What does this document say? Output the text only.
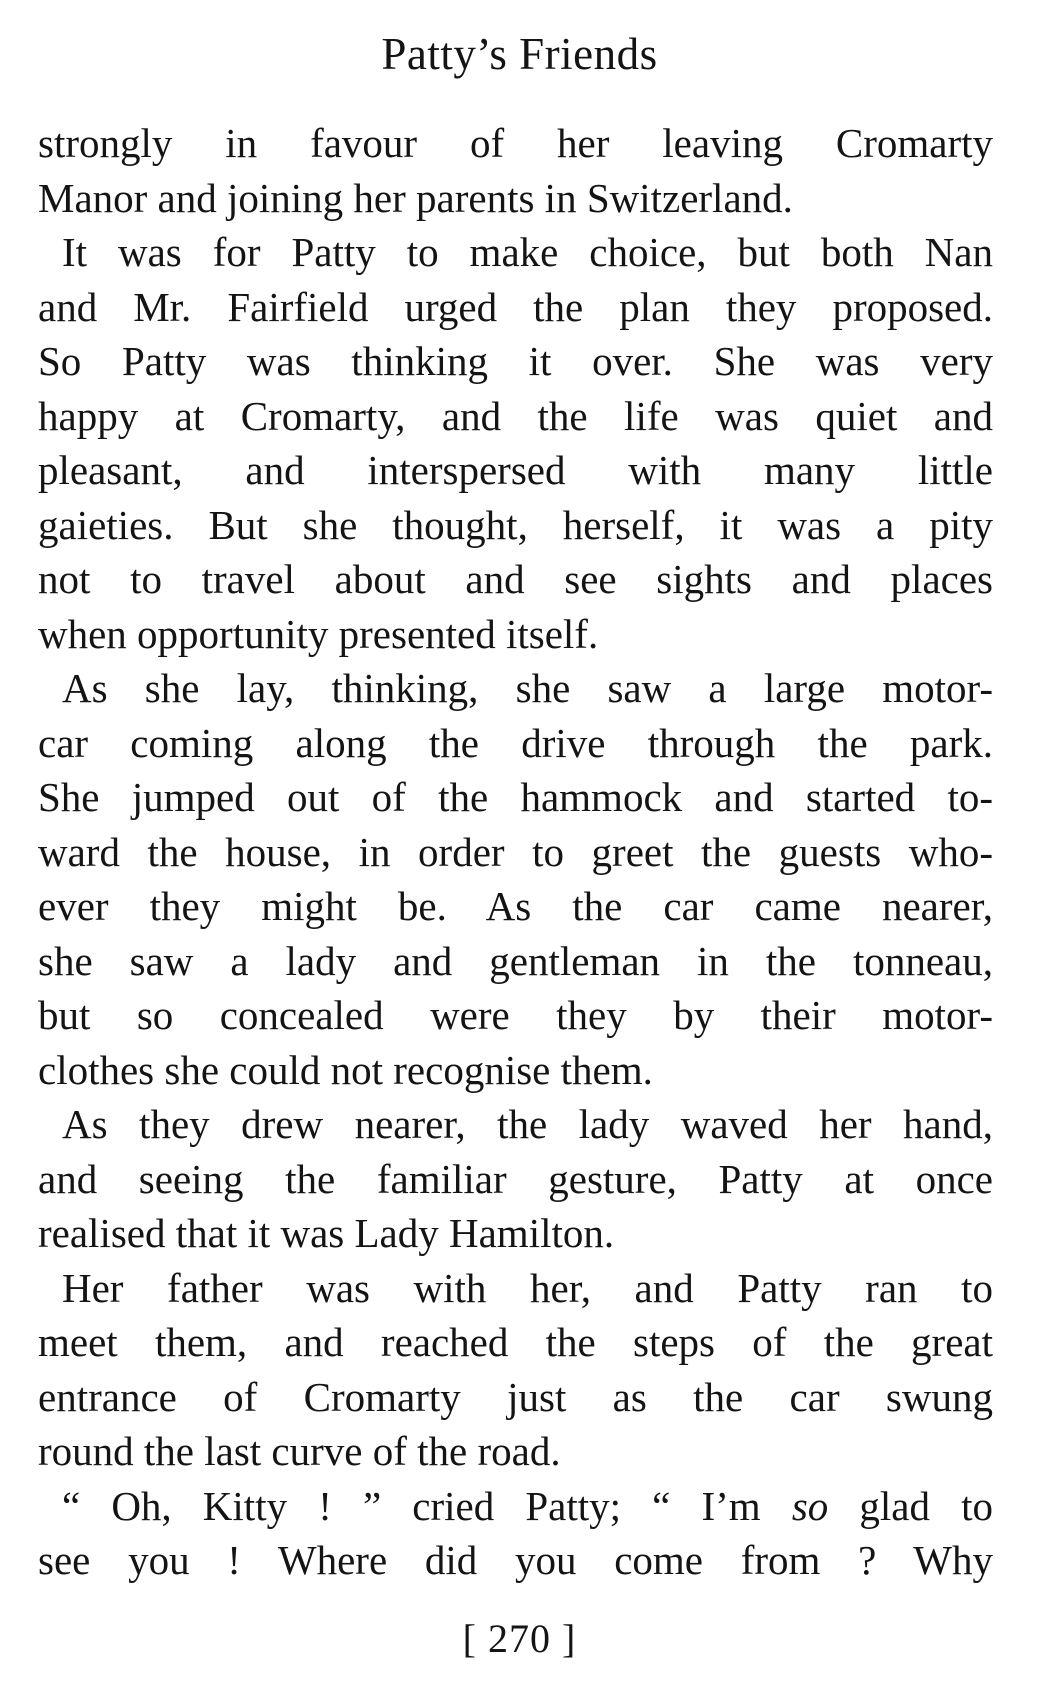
Patty’s Friends
strongly in favour of her leaving Cromarty
Manor and joining her parents in Switzerland.
It was for Patty to make choice, but both Nan
and Mr. Fairfield urged the plan they proposed.
So Patty was thinking it over. She was very
happy at Cromarty, and the life was quiet and
pleasant, and interspersed with many little
gaieties. But she thought, herself, it was a pity
not to travel about and see sights and places
when opportunity presented itself.
As she lay, thinking, she saw a large motor-
car coming along the drive through the park.
She jumped out of the hammock and started to-
ward the house, in order to greet the guests who-
ever they might be. As the car came nearer,
she saw a lady and gentleman in the tonneau,
but so concealed were they by their motor-
clothes she could not recognise them.
As they drew nearer, the lady waved her hand,
and seeing the familiar gesture, Patty at once
realised that it was Lady Hamilton.
Her father was with her, and Patty ran to
meet them, and reached the steps of the great
entrance of Cromarty just as the car swung
round the last curve of the road.
“ Oh, Kitty ! ” cried Patty; “ I’m so glad to
see you ! Where did you come from ? Why
[ 270 ]
